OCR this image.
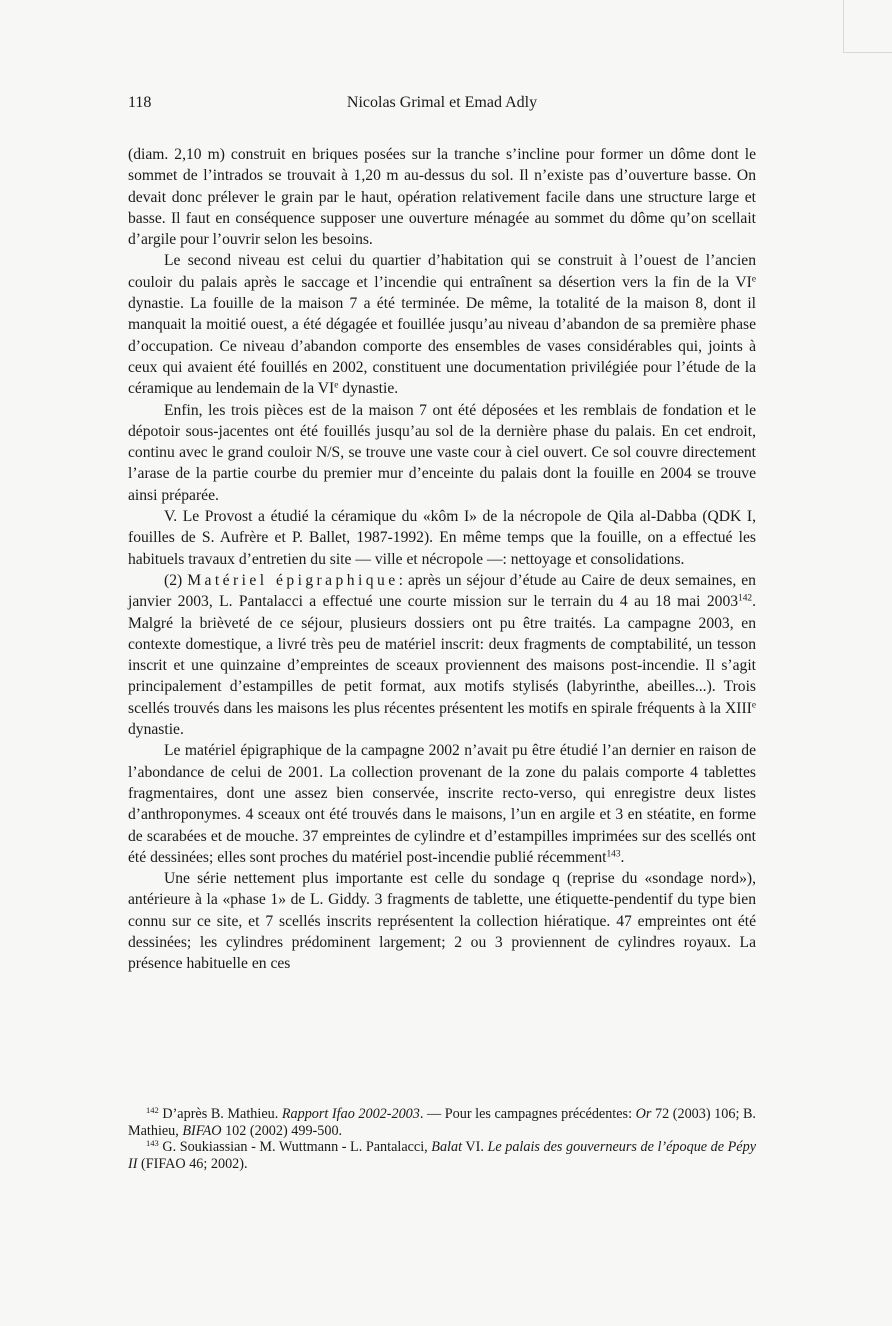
118	Nicolas Grimal et Emad Adly

(diam. 2,10 m) construit en briques posées sur la tranche s’incline pour former un dôme dont le sommet de l’intrados se trouvait à 1,20 m au-dessus du sol. Il n’existe pas d’ouverture basse. On devait donc prélever le grain par le haut, opération relativement facile dans une structure large et basse. Il faut en conséquence supposer une ouverture ménagée au sommet du dôme qu’on scellait d’argile pour l’ouvrir selon les besoins.

Le second niveau est celui du quartier d’habitation qui se construit à l’ouest de l’ancien couloir du palais après le saccage et l’incendie qui entraînent sa désertion vers la fin de la VIe dynastie. La fouille de la maison 7 a été terminée. De même, la totalité de la maison 8, dont il manquait la moitié ouest, a été dégagée et fouillée jusqu’au niveau d’abandon de sa première phase d’occupation. Ce niveau d’abandon comporte des ensembles de vases considérables qui, joints à ceux qui avaient été fouillés en 2002, constituent une documentation privilégiée pour l’étude de la céramique au lendemain de la VIe dynastie.

Enfin, les trois pièces est de la maison 7 ont été déposées et les remblais de fondation et le dépotoir sous-jacentes ont été fouillés jusqu’au sol de la dernière phase du palais. En cet endroit, continu avec le grand couloir N/S, se trouve une vaste cour à ciel ouvert. Ce sol couvre directement l’arase de la partie courbe du premier mur d’enceinte du palais dont la fouille en 2004 se trouve ainsi préparée.

V. Le Provost a étudié la céramique du «kôm I» de la nécropole de Qila al-Dabba (QDK I, fouilles de S. Aufrère et P. Ballet, 1987-1992). En même temps que la fouille, on a effectué les habituels travaux d’entretien du site — ville et nécropole —: nettoyage et consolidations.

(2) Matériel épigraphique: après un séjour d’étude au Caire de deux semaines, en janvier 2003, L. Pantalacci a effectué une courte mission sur le terrain du 4 au 18 mai 2003$^{142}$. Malgré la brièveté de ce séjour, plusieurs dossiers ont pu être traités. La campagne 2003, en contexte domestique, a livré très peu de matériel inscrit: deux fragments de comptabilité, un tesson inscrit et une quinzaine d’empreintes de sceaux proviennent des maisons post-incendie. Il s’agit principalement d’estampilles de petit format, aux motifs stylisés (labyrinthe, abeilles...). Trois scellés trouvés dans les maisons les plus récentes présentent les motifs en spirale fréquents à la XIIIe dynastie.

Le matériel épigraphique de la campagne 2002 n’avait pu être étudié l’an dernier en raison de l’abondance de celui de 2001. La collection provenant de la zone du palais comporte 4 tablettes fragmentaires, dont une assez bien conservée, inscrite recto-verso, qui enregistre deux listes d’anthroponymes. 4 sceaux ont été trouvés dans le maisons, l’un en argile et 3 en stéatite, en forme de scarabées et de mouche. 37 empreintes de cylindre et d’estampilles imprimées sur des scellés ont été dessinées; elles sont proches du matériel post-incendie publié récemment$^{143}$.

Une série nettement plus importante est celle du sondage q (reprise du «sondage nord»), antérieure à la «phase 1» de L. Giddy. 3 fragments de tablette, une étiquette-pendentif du type bien connu sur ce site, et 7 scellés inscrits représentent la collection hiératique. 47 empreintes ont été dessinées; les cylindres prédominent largement; 2 ou 3 proviennent de cylindres royaux. La présence habituelle en ces

$^{142}$ D’après B. Mathieu. Rapport Ifao 2002-2003. — Pour les campagnes précédentes: Or 72 (2003) 106; B. Mathieu, BIFAO 102 (2002) 499-500.

$^{143}$ G. Soukiassian - M. Wuttmann - L. Pantalacci, Balat VI. Le palais des gouverneurs de l’époque de Pépy II (FIFAO 46; 2002).
